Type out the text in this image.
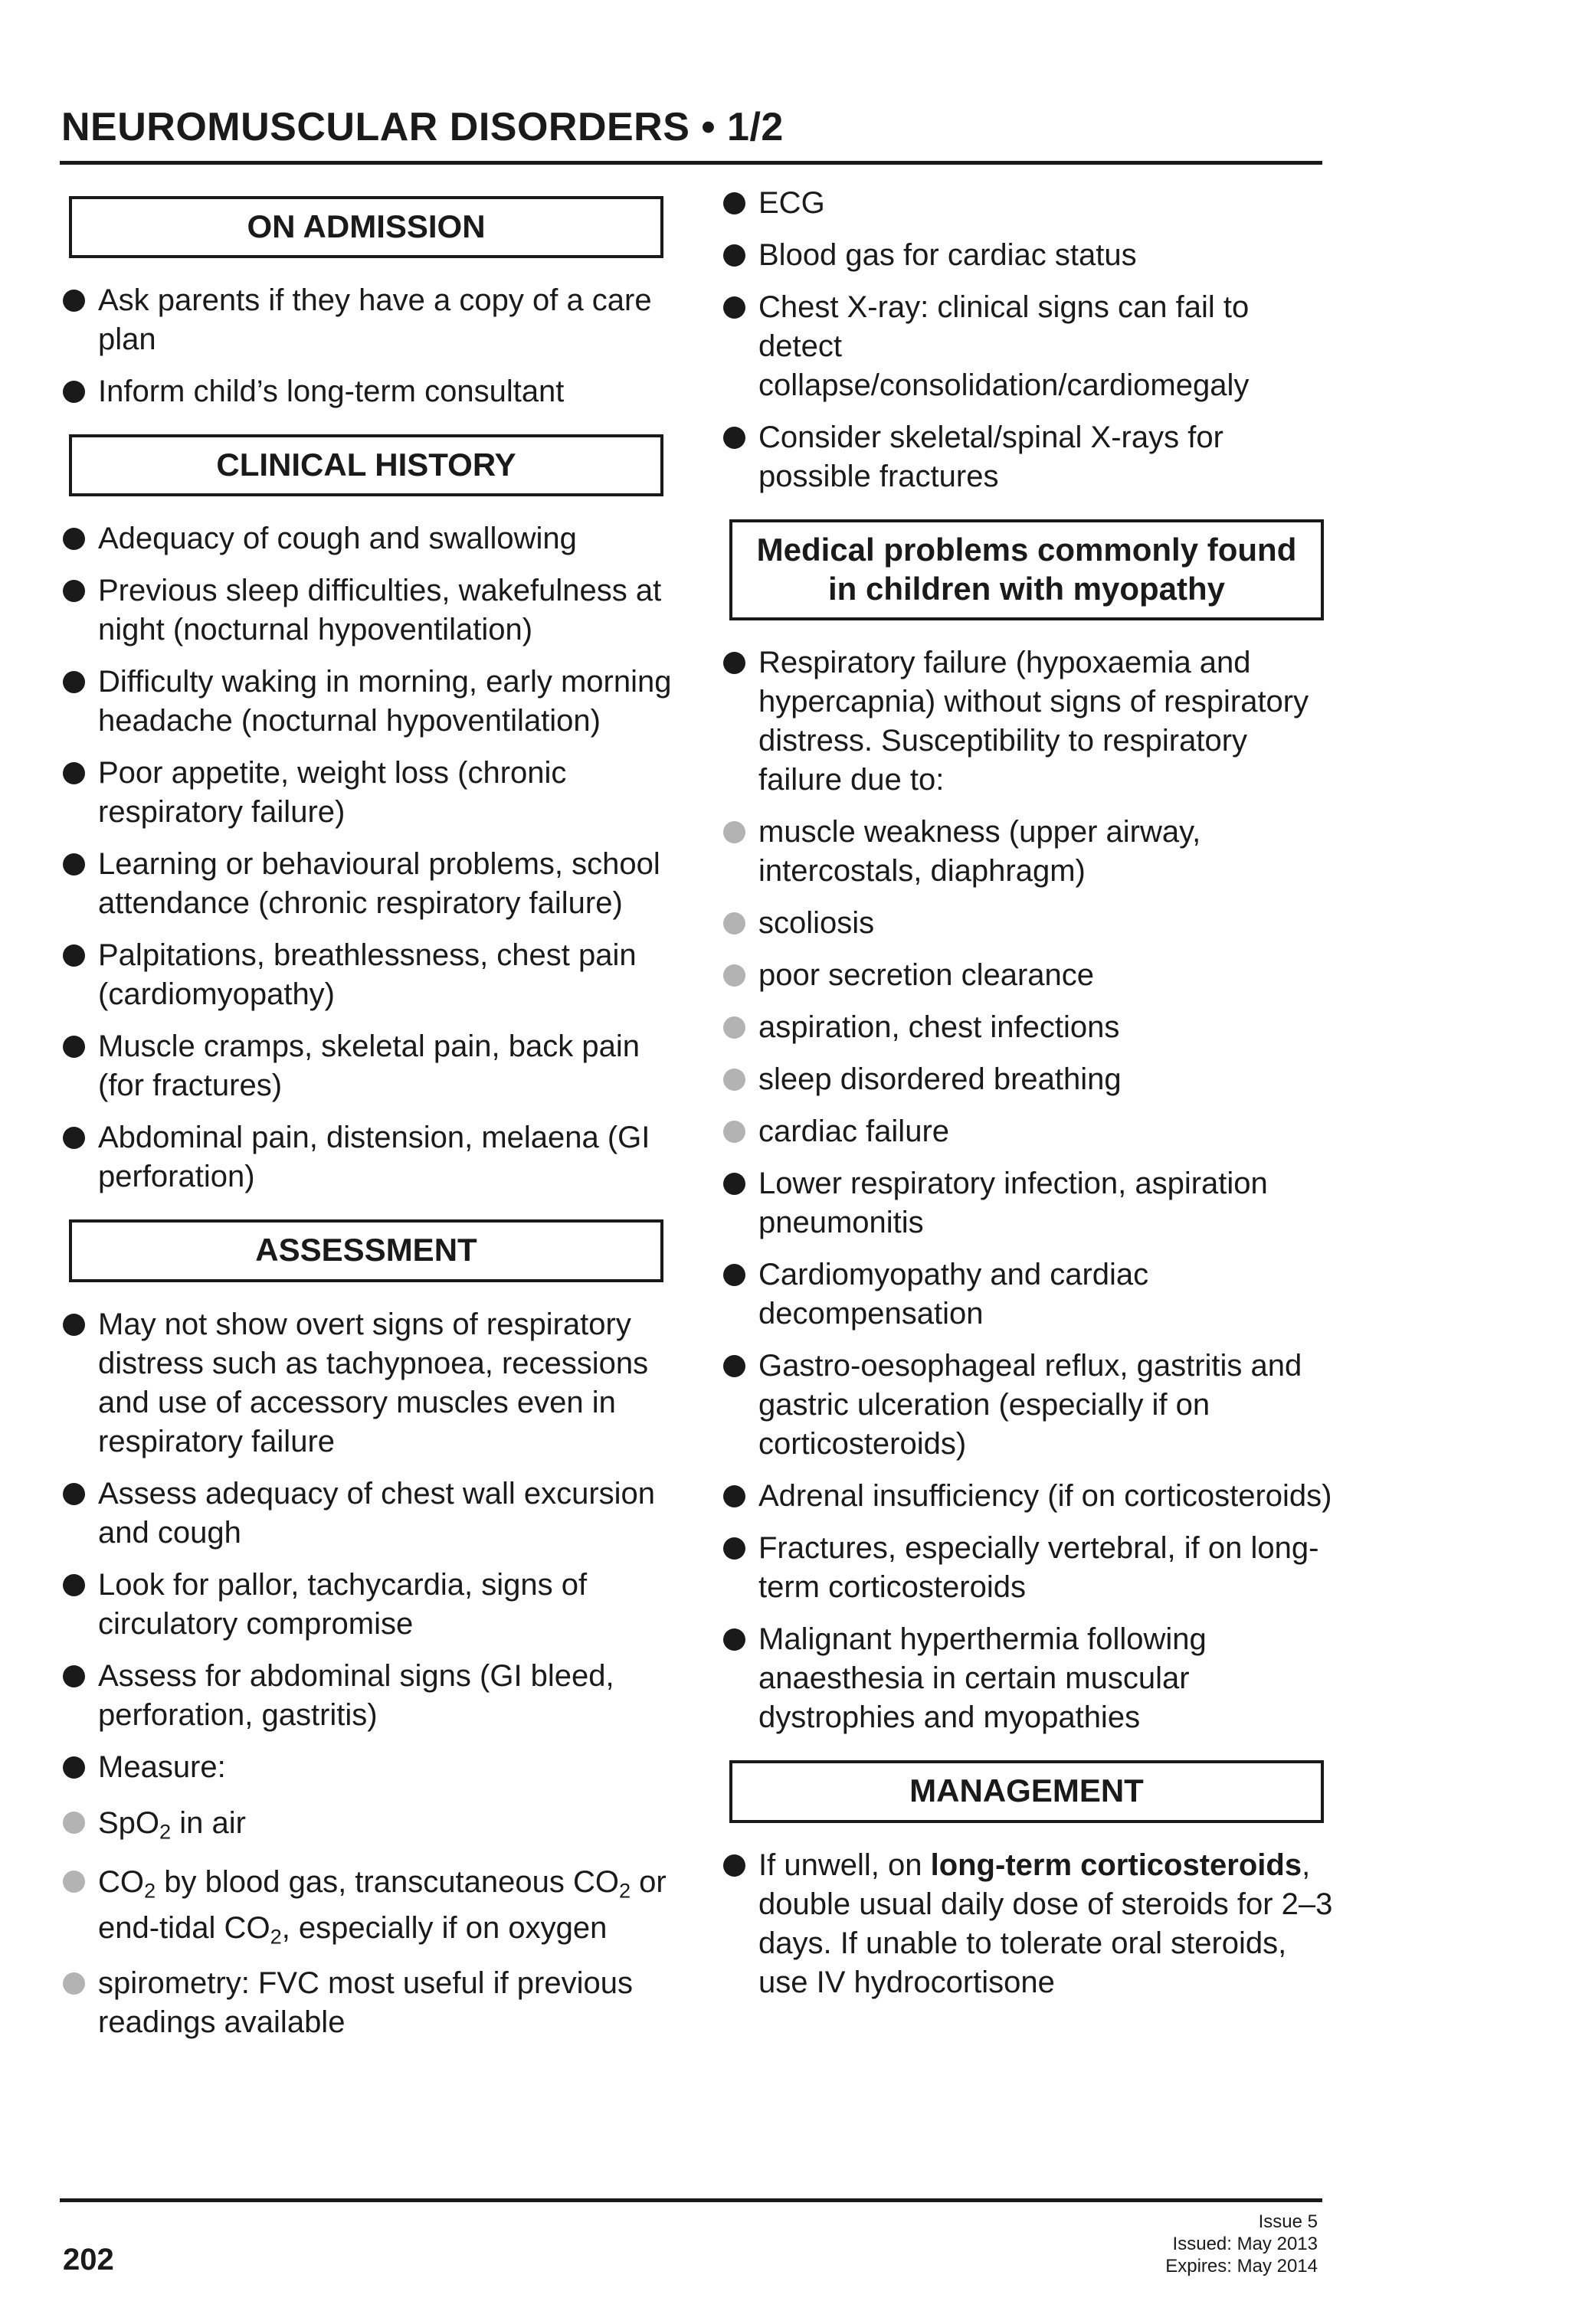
NEUROMUSCULAR DISORDERS • 1/2
ON ADMISSION
Ask parents if they have a copy of a care plan
Inform child’s long-term consultant
CLINICAL HISTORY
Adequacy of cough and swallowing
Previous sleep difficulties, wakefulness at night (nocturnal hypoventilation)
Difficulty waking in morning, early morning headache (nocturnal hypoventilation)
Poor appetite, weight loss (chronic respiratory failure)
Learning or behavioural problems, school attendance (chronic respiratory failure)
Palpitations, breathlessness, chest pain (cardiomyopathy)
Muscle cramps, skeletal pain, back pain (for fractures)
Abdominal pain, distension, melaena (GI perforation)
ASSESSMENT
May not show overt signs of respiratory distress such as tachypnoea, recessions and use of accessory muscles even in respiratory failure
Assess adequacy of chest wall excursion and cough
Look for pallor, tachycardia, signs of circulatory compromise
Assess for abdominal signs (GI bleed, perforation, gastritis)
Measure:
SpO$_2$ in air
$CO_2$ by blood gas, transcutaneous $CO_2$ or end-tidal $CO_2$, especially if on oxygen
spirometry: FVC most useful if previous readings available
ECG
Blood gas for cardiac status
Chest X-ray: clinical signs can fail to detect collapse/consolidation/cardiomegaly
Consider skeletal/spinal X-rays for possible fractures
Medical problems commonly found in children with myopathy
Respiratory failure (hypoxaemia and hypercapnia) without signs of respiratory distress. Susceptibility to respiratory failure due to:
muscle weakness (upper airway, intercostals, diaphragm)
scoliosis
poor secretion clearance
aspiration, chest infections
sleep disordered breathing
cardiac failure
Lower respiratory infection, aspiration pneumonitis
Cardiomyopathy and cardiac decompensation
Gastro-oesophageal reflux, gastritis and gastric ulceration (especially if on corticosteroids)
Adrenal insufficiency (if on corticosteroids)
Fractures, especially vertebral, if on long-term corticosteroids
Malignant hyperthermia following anaesthesia in certain muscular dystrophies and myopathies
MANAGEMENT
If unwell, on long-term corticosteroids, double usual daily dose of steroids for 2–3 days. If unable to tolerate oral steroids, use IV hydrocortisone
202
Issue 5
Issued: May 2013
Expires: May 2014
